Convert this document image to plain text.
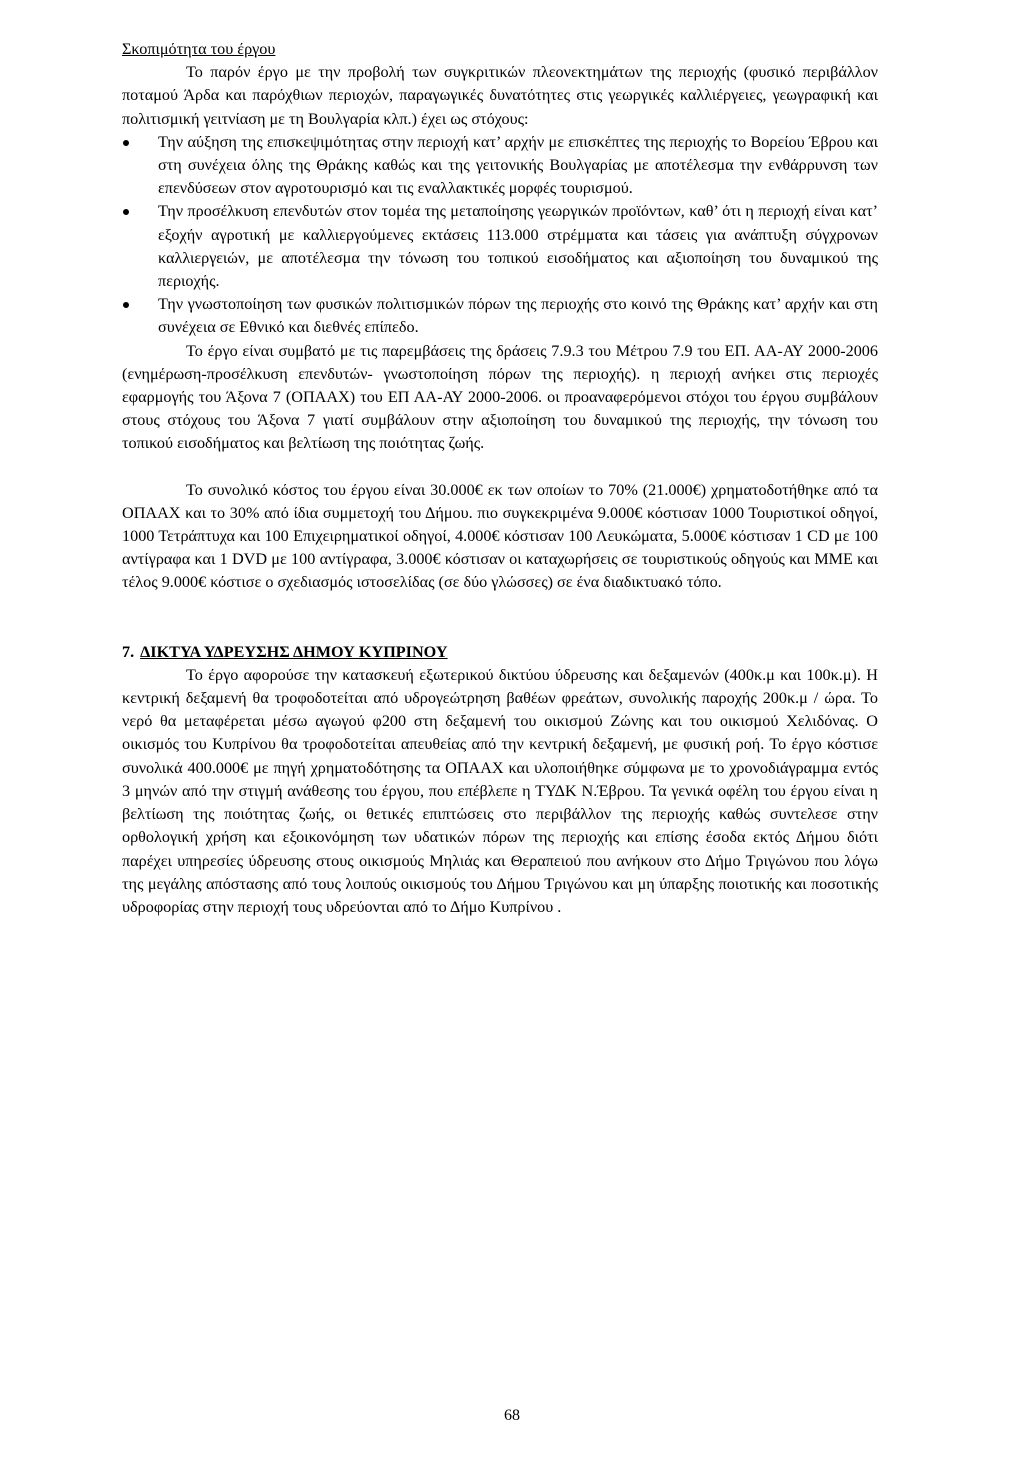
Σκοπιμότητα του έργου

Το παρόν έργο με την προβολή των συγκριτικών πλεονεκτημάτων της περιοχής (φυσικό περιβάλλον ποταμού Άρδα και παρόχθιων περιοχών, παραγωγικές δυνατότητες στις γεωργικές καλλιέργειες, γεωγραφική και πολιτισμική γειτνίαση με τη Βουλγαρία κλπ.) έχει ως στόχους:

Την αύξηση της επισκεψιμότητας στην περιοχή κατ’ αρχήν με επισκέπτες της περιοχής το Βορείου Έβρου και στη συνέχεια όλης της Θράκης καθώς και της γειτονικής Βουλγαρίας με αποτέλεσμα την ενθάρρυνση των επενδύσεων στον αγροτουρισμό και τις εναλλακτικές μορφές τουρισμού.
Την προσέλκυση επενδυτών στον τομέα της μεταποίησης γεωργικών προϊόντων, καθ’ ότι η περιοχή είναι κατ’ εξοχήν αγροτική με καλλιεργούμενες εκτάσεις 113.000 στρέμματα και τάσεις για ανάπτυξη σύγχρονων καλλιεργειών, με αποτέλεσμα την τόνωση του τοπικού εισοδήματος και αξιοποίηση του δυναμικού της περιοχής.
Την γνωστοποίηση των φυσικών πολιτισμικών πόρων της περιοχής στο κοινό της Θράκης κατ’ αρχήν και στη συνέχεια σε Εθνικό και διεθνές επίπεδο.

Το έργο είναι συμβατό με τις παρεμβάσεις της δράσεις 7.9.3 του Μέτρου 7.9 του ΕΠ. ΑΑ-ΑΥ 2000-2006 (ενημέρωση-προσέλκυση επενδυτών- γνωστοποίηση πόρων της περιοχής). η περιοχή ανήκει στις περιοχές εφαρμογής του Άξονα 7 (ΟΠΑΑΧ) του ΕΠ ΑΑ-ΑΥ 2000-2006. οι προαναφερόμενοι στόχοι του έργου συμβάλουν στους στόχους του Άξονα 7 γιατί συμβάλουν στην αξιοποίηση του δυναμικού της περιοχής, την τόνωση του τοπικού εισοδήματος και βελτίωση της ποιότητας ζωής.

Το συνολικό κόστος του έργου είναι 30.000€ εκ των οποίων το 70% (21.000€) χρηματοδοτήθηκε από τα ΟΠΑΑΧ και το 30% από ίδια συμμετοχή του Δήμου. πιο συγκεκριμένα 9.000€ κόστισαν 1000 Τουριστικοί οδηγοί, 1000 Τετράπτυχα και 100 Επιχειρηματικοί οδηγοί, 4.000€ κόστισαν 100 Λευκώματα, 5.000€ κόστισαν 1 CD με 100 αντίγραφα και 1 DVD με 100 αντίγραφα, 3.000€ κόστισαν οι καταχωρήσεις σε τουριστικούς οδηγούς και ΜΜΕ και τέλος 9.000€ κόστισε ο σχεδιασμός ιστοσελίδας (σε δύο γλώσσες) σε ένα διαδικτυακό τόπο.

7. ΔΙΚΤΥΑ ΥΔΡΕΥΣΗΣ ΔΗΜΟΥ ΚΥΠΡΙΝΟΥ

Το έργο αφορούσε την κατασκευή εξωτερικού δικτύου ύδρευσης και δεξαμενών (400κ.μ και 100κ.μ). Η κεντρική δεξαμενή θα τροφοδοτείται από υδρογεώτρηση βαθέων φρεάτων, συνολικής παροχής 200κ.μ / ώρα. Το νερό θα μεταφέρεται μέσω αγωγού φ200 στη δεξαμενή του οικισμού Ζώνης και του οικισμού Χελιδόνας. Ο οικισμός του Κυπρίνου θα τροφοδοτείται απευθείας από την κεντρική δεξαμενή, με φυσική ροή. Το έργο κόστισε συνολικά 400.000€ με πηγή χρηματοδότησης τα ΟΠΑΑΧ και υλοποιήθηκε σύμφωνα με το χρονοδιάγραμμα εντός 3 μηνών από την στιγμή ανάθεσης του έργου, που επέβλεπε η ΤΥΔΚ Ν.Έβρου. Τα γενικά οφέλη του έργου είναι η βελτίωση της ποιότητας ζωής, οι θετικές επιπτώσεις στο περιβάλλον της περιοχής καθώς συντελεσε στην ορθολογική χρήση και εξοικονόμηση των υδατικών πόρων της περιοχής και επίσης έσοδα εκτός Δήμου διότι παρέχει υπηρεσίες ύδρευσης στους οικισμούς Μηλιάς και Θεραπειού που ανήκουν στο Δήμο Τριγώνου που λόγω της μεγάλης απόστασης από τους λοιπούς οικισμούς του Δήμου Τριγώνου και μη ύπαρξης ποιοτικής και ποσοτικής υδροφορίας στην περιοχή τους υδρεύονται από το Δήμο Κυπρίνου .

68
